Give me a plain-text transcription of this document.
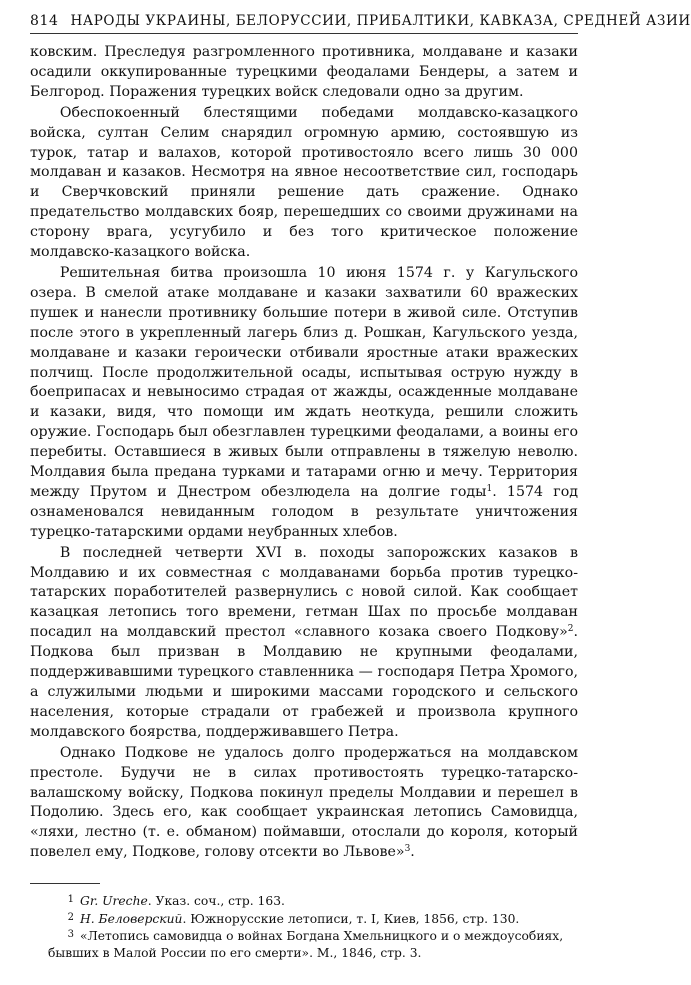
814 НАРОДЫ УКРАИНЫ, БЕЛОРУССИИ, ПРИБАЛТИКИ, КАВКАЗА, СРЕДНЕЙ АЗИИ

ковским. Преследуя разгромленного противника, молдаване и казаки осадили оккупированные турецкими феодалами Бендеры, а затем и Белгород. Поражения турецких войск следовали одно за другим.

Обеспокоенный блестящими победами молдавско-казацкого войска, султан Селим снарядил огромную армию, состоявшую из турок, татар и валахов, которой противостояло всего лишь 30 000 молдаван и казаков. Несмотря на явное несоответствие сил, господарь и Сверчковский приняли решение дать сражение. Однако предательство молдавских бояр, перешедших со своими дружинами на сторону врага, усугубило и без того критическое положение молдавско-казацкого войска.

Решительная битва произошла 10 июня 1574 г. у Кагульского озера. В смелой атаке молдаване и казаки захватили 60 вражеских пушек и нанесли противнику большие потери в живой силе. Отступив после этого в укрепленный лагерь близ д. Рошкан, Кагульского уезда, молдаване и казаки героически отбивали яростные атаки вражеских полчищ. После продолжительной осады, испытывая острую нужду в боеприпасах и невыносимо страдая от жажды, осажденные молдаване и казаки, видя, что помощи им ждать неоткуда, решили сложить оружие. Господарь был обезглавлен турецкими феодалами, а воины его перебиты. Оставшиеся в живых были отправлены в тяжелую неволю. Молдавия была предана турками и татарами огню и мечу. Территория между Прутом и Днестром обезлюдела на долгие годы$^1$. 1574 год ознаменовался невиданным голодом в результате уничтожения турецко-татарскими ордами неубранных хлебов.

В последней четверти XVI в. походы запорожских казаков в Молдавию и их совместная с молдаванами борьба против турецко-татарских поработителей развернулись с новой силой. Как сообщает казацкая летопись того времени, гетман Шах по просьбе молдаван посадил на молдавский престол «славного козака своего Подкову»$^2$. Подкова был призван в Молдавию не крупными феодалами, поддерживавшими турецкого ставленника — господаря Петра Хромого, а служилыми людьми и широкими массами городского и сельского населения, которые страдали от грабежей и произвола крупного молдавского боярства, поддерживавшего Петра.

Однако Подкове не удалось долго продержаться на молдавском престоле. Будучи не в силах противостоять турецко-татарско-валашскому войску, Подкова покинул пределы Молдавии и перешел в Подолию. Здесь его, как сообщает украинская летопись Самовидца, «ляхи, лестно (т. е. обманом) поймавши, отослали до короля, который повелел ему, Подкове, голову отсекти во Львове»$^3$.

1 Gr. Ureche. Указ. соч., стр. 163.
2 Н. Беловерский. Южнорусские летописи, т. I, Киев, 1856, стр. 130.
3 «Летопись самовидца о войнах Богдана Хмельницкого и о междоусобиях, бывших в Малой России по его смерти». М., 1846, стр. 3.
